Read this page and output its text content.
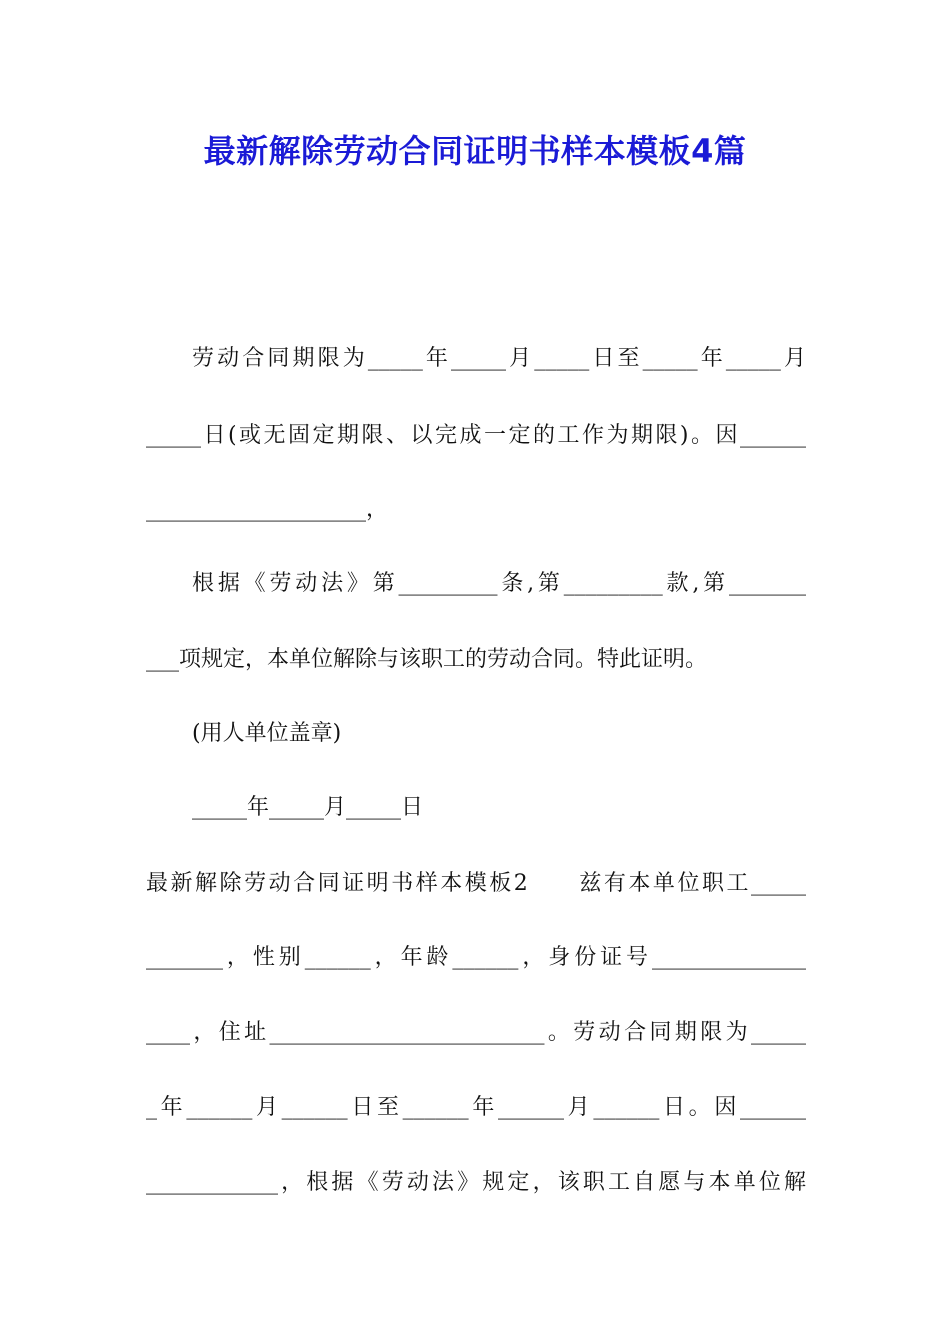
最新解除劳动合同证明书样本模板4篇
劳动合同期限为_____年_____月_____日至_____年_____月
_____日(或无固定期限、以完成一定的工作为期限)。因______
____________________，
根据《劳动法》第_________条,第_________款,第_______
___项规定，本单位解除与该职工的劳动合同。特此证明。
(用人单位盖章)
_____年_____月_____日
最新解除劳动合同证明书样本模板2　　兹有本单位职工_____
_______，性别______，年龄______，身份证号______________
____，住址_________________________。劳动合同期限为_____
_年______月______日至______年______月______日。因______
____________，根据《劳动法》规定，该职工自愿与本单位解
